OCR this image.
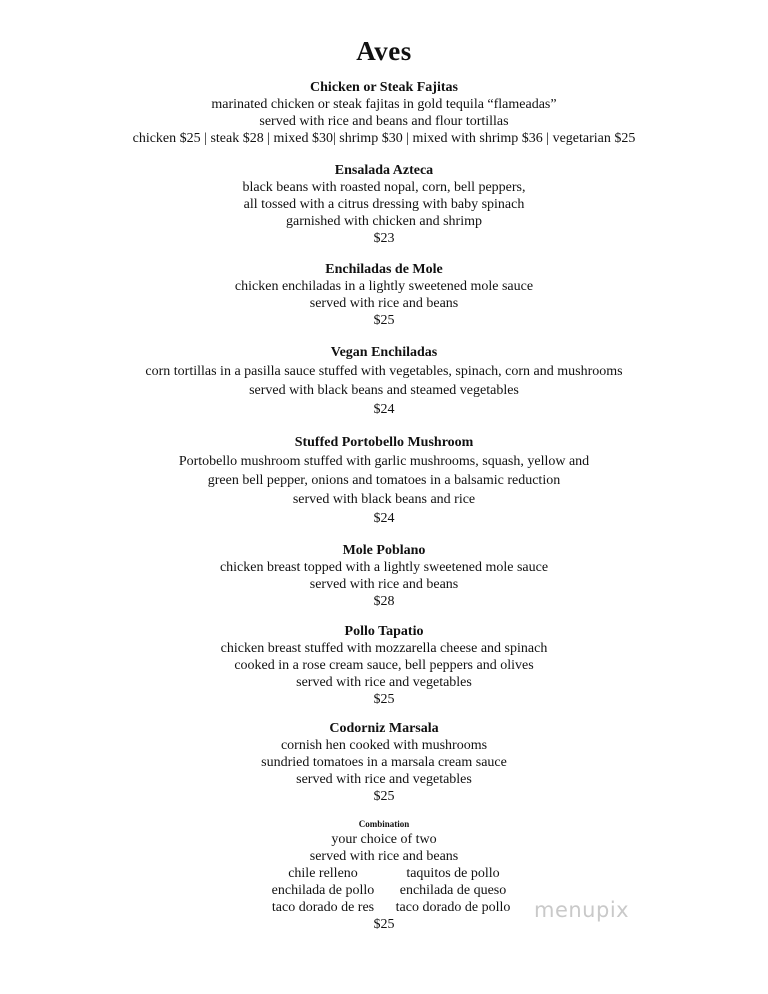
Aves
Chicken or Steak Fajitas
marinated chicken or steak fajitas in gold tequila “flameadas”
served with rice and beans and flour tortillas
chicken $25 | steak $28 | mixed $30| shrimp $30 | mixed with shrimp $36 | vegetarian $25
Ensalada Azteca
black beans with roasted nopal, corn, bell peppers,
all tossed with a citrus dressing with baby spinach
garnished with chicken and shrimp
$23
Enchiladas de Mole
chicken enchiladas in a lightly sweetened mole sauce
served with rice and beans
$25
Vegan Enchiladas
corn tortillas in a pasilla sauce stuffed with vegetables, spinach, corn and mushrooms
served with black beans and steamed vegetables
$24
Stuffed Portobello Mushroom
Portobello mushroom stuffed with garlic mushrooms, squash, yellow and
green bell pepper, onions and tomatoes in a balsamic reduction
served with black beans and rice
$24
Mole Poblano
chicken breast topped with a lightly sweetened mole sauce
served with rice and beans
$28
Pollo Tapatio
chicken breast stuffed with mozzarella cheese and spinach
cooked in a rose cream sauce, bell peppers and olives
served with rice and vegetables
$25
Codorniz Marsala
cornish hen cooked with mushrooms
sundried tomatoes in a marsala cream sauce
served with rice and vegetables
$25
Combination
your choice of two
served with rice and beans
chile relleno	taquitos de pollo
enchilada de pollo	enchilada de queso
taco dorado de res	taco dorado de pollo
$25
menupix
